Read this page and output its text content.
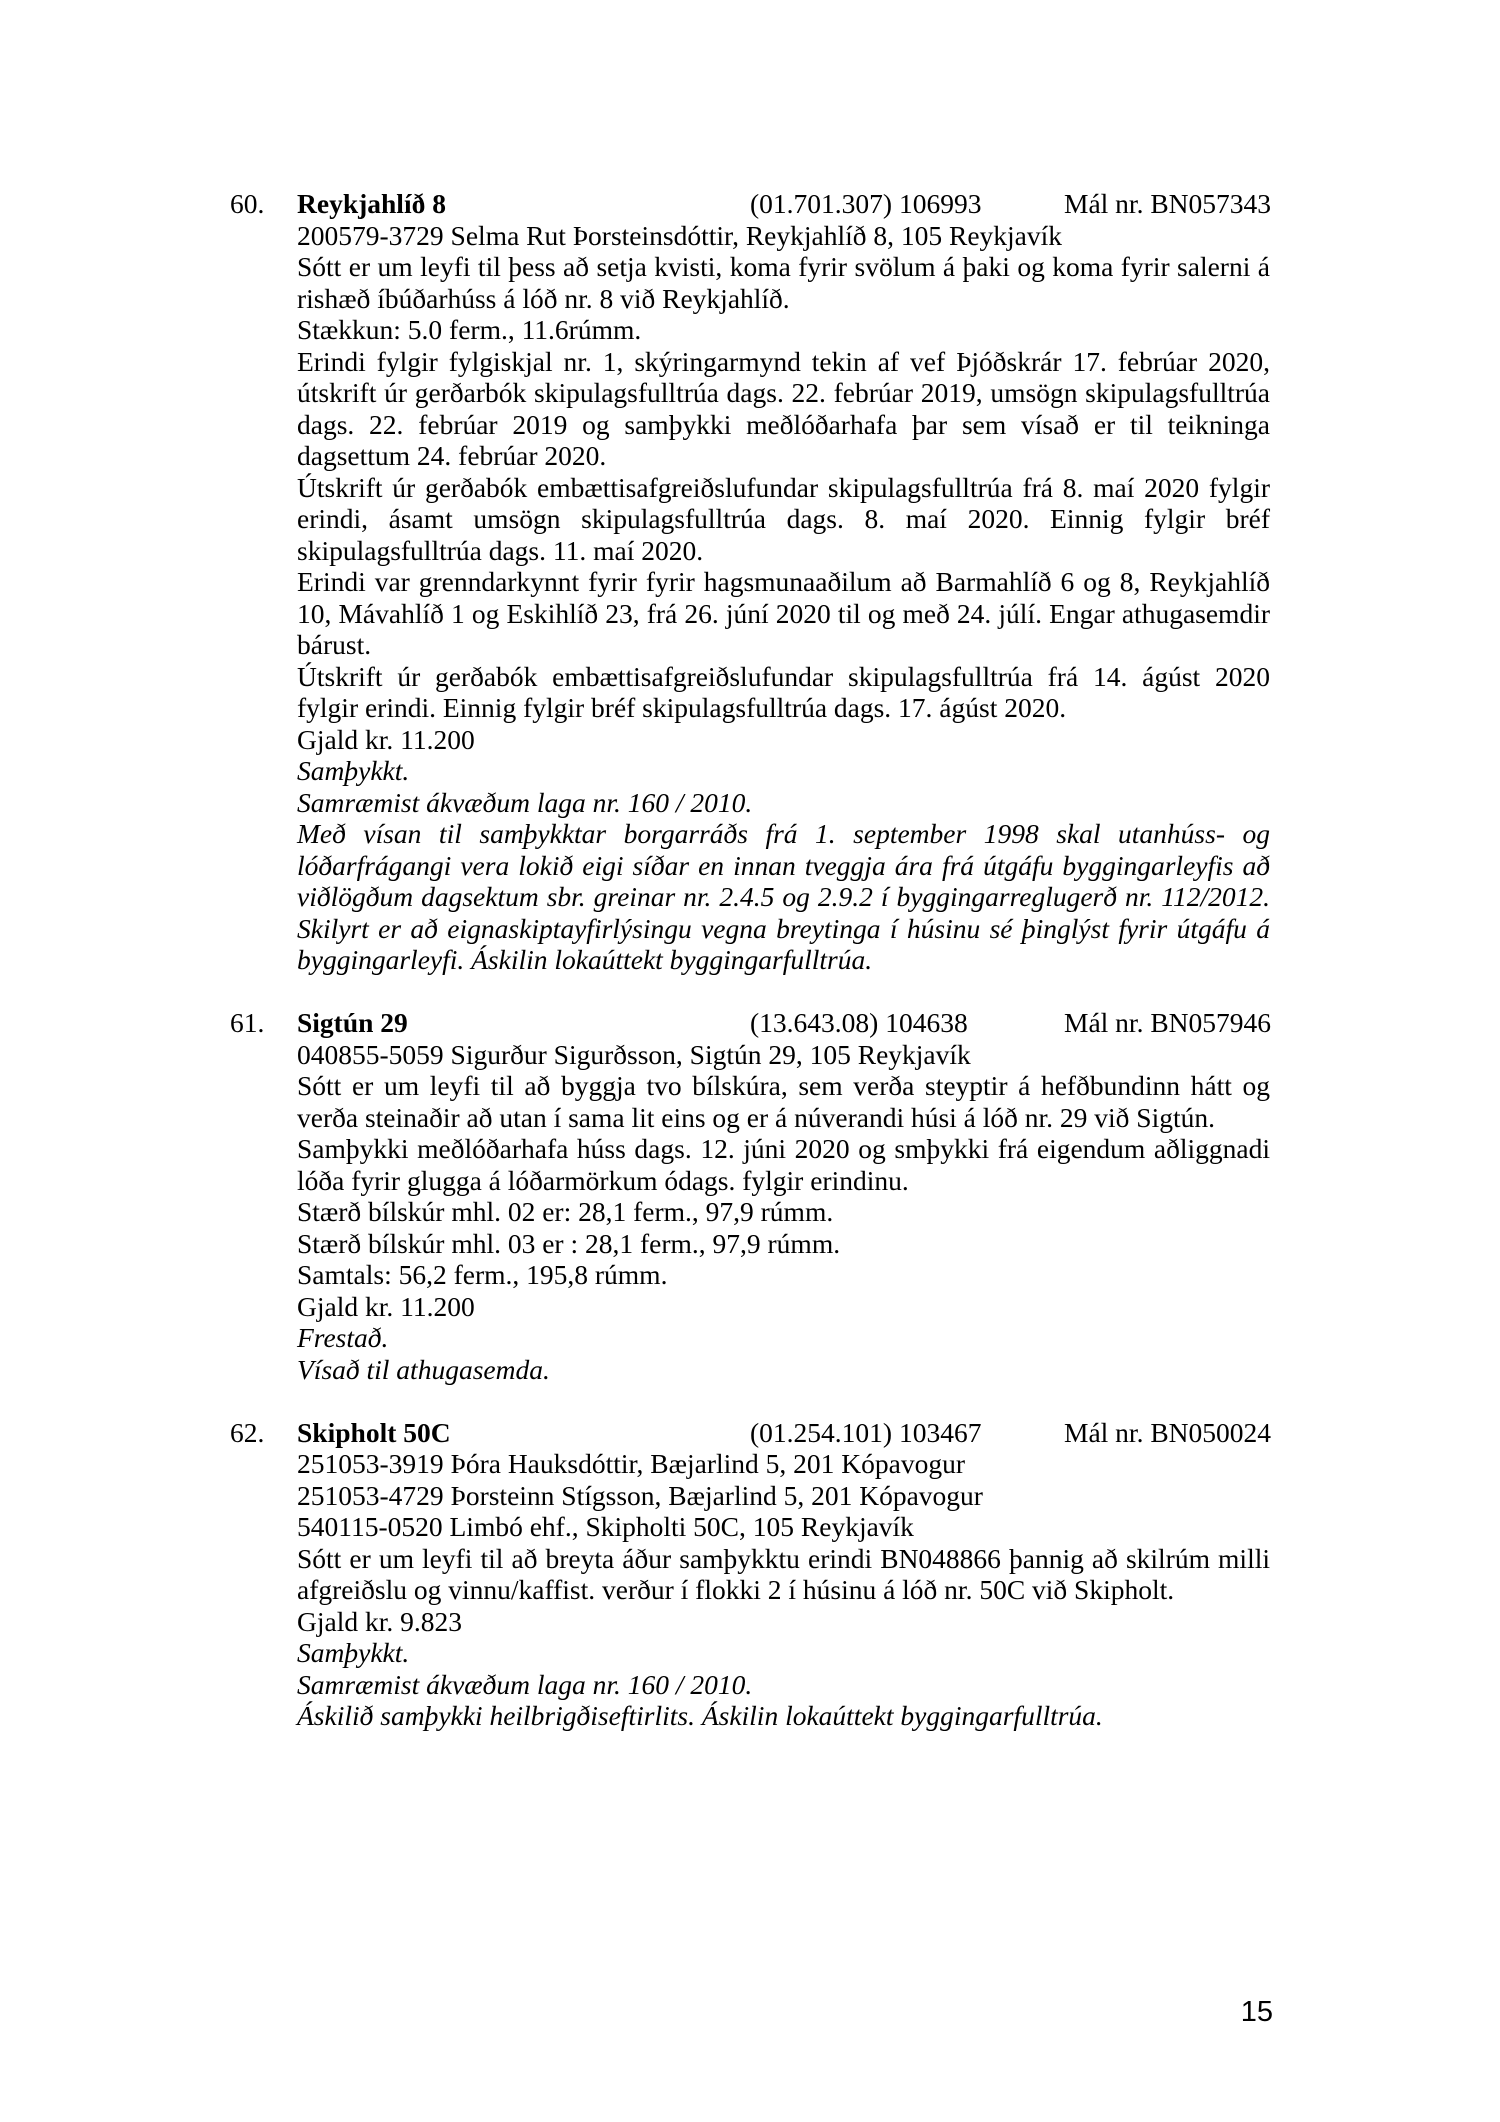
60. Reykjahlíð 8	(01.701.307) 106993	Mál nr. BN057343

200579-3729 Selma Rut Þorsteinsdóttir, Reykjahlíð 8, 105 Reykjavík

Sótt er um leyfi til þess að setja kvisti, koma fyrir svölum á þaki og koma fyrir salerni á rishæð íbúðarhúss á lóð nr. 8 við Reykjahlíð.

Stækkun: 5.0 ferm., 11.6rúmm.

Erindi fylgir fylgiskjal nr. 1, skýringarmynd tekin af vef Þjóðskrár 17. febrúar 2020, útskrift úr gerðarbók skipulagsfulltrúa dags. 22. febrúar 2019, umsögn skipulagsfulltrúa dags. 22. febrúar 2019 og samþykki meðlóðarhafa þar sem vísað er til teikninga dagsettum 24. febrúar 2020.

Útskrift úr gerðabók embættisafgreiðslufundar skipulagsfulltrúa frá 8. maí 2020 fylgir erindi, ásamt umsögn skipulagsfulltrúa dags. 8. maí 2020. Einnig fylgir bréf skipulagsfulltrúa dags. 11. maí 2020.

Erindi var grenndarkynnt fyrir fyrir hagsmunaaðilum að Barmahlíð 6 og 8, Reykjahlíð 10, Mávahlíð 1 og Eskihlíð 23, frá 26. júní 2020 til og með 24. júlí. Engar athugasemdir bárust.

Útskrift úr gerðabók embættisafgreiðslufundar skipulagsfulltrúa frá 14. ágúst 2020 fylgir erindi. Einnig fylgir bréf skipulagsfulltrúa dags. 17. ágúst 2020.

Gjald kr. 11.200

Samþykkt.

Samræmist ákvæðum laga nr. 160 / 2010.

Með vísan til samþykktar borgarráðs frá 1. september 1998 skal utanhúss- og lóðarfrágangi vera lokið eigi síðar en innan tveggja ára frá útgáfu byggingarleyfis að viðlögðum dagsektum sbr. greinar nr. 2.4.5 og 2.9.2 í byggingarreglugerð nr. 112/2012. Skilyrt er að eignaskiptayfirlýsingu vegna breytinga í húsinu sé þinglýst fyrir útgáfu á byggingarleyfi. Áskilin lokaúttekt byggingarfulltrúa.

61. Sigtún 29	(13.643.08) 104638	Mál nr. BN057946

040855-5059 Sigurður Sigurðsson, Sigtún 29, 105 Reykjavík

Sótt er um leyfi til að byggja tvo bílskúra, sem verða steyptir á hefðbundinn hátt og verða steinaðir að utan í sama lit eins og er á núverandi húsi á lóð nr. 29 við Sigtún.

Samþykki meðlóðarhafa húss dags. 12. júni 2020 og smþykki frá eigendum aðliggnadi lóða fyrir glugga á lóðarmörkum ódags. fylgir erindinu.

Stærð bílskúr mhl. 02 er: 28,1 ferm., 97,9 rúmm.

Stærð bílskúr mhl. 03 er : 28,1 ferm., 97,9 rúmm.

Samtals: 56,2 ferm., 195,8 rúmm.

Gjald kr. 11.200

Frestað.

Vísað til athugasemda.

62. Skipholt 50C	(01.254.101) 103467	Mál nr. BN050024

251053-3919 Þóra Hauksdóttir, Bæjarlind 5, 201 Kópavogur

251053-4729 Þorsteinn Stígsson, Bæjarlind 5, 201 Kópavogur

540115-0520 Limbó ehf., Skipholti 50C, 105 Reykjavík

Sótt er um leyfi til að breyta áður samþykktu erindi BN048866 þannig að skilrúm milli afgreiðslu og vinnu/kaffist. verður í flokki 2 í húsinu á lóð nr. 50C við Skipholt.

Gjald kr. 9.823

Samþykkt.

Samræmist ákvæðum laga nr. 160 / 2010.

Áskilið samþykki heilbrigðiseftirlits. Áskilin lokaúttekt byggingarfulltrúa.

15
